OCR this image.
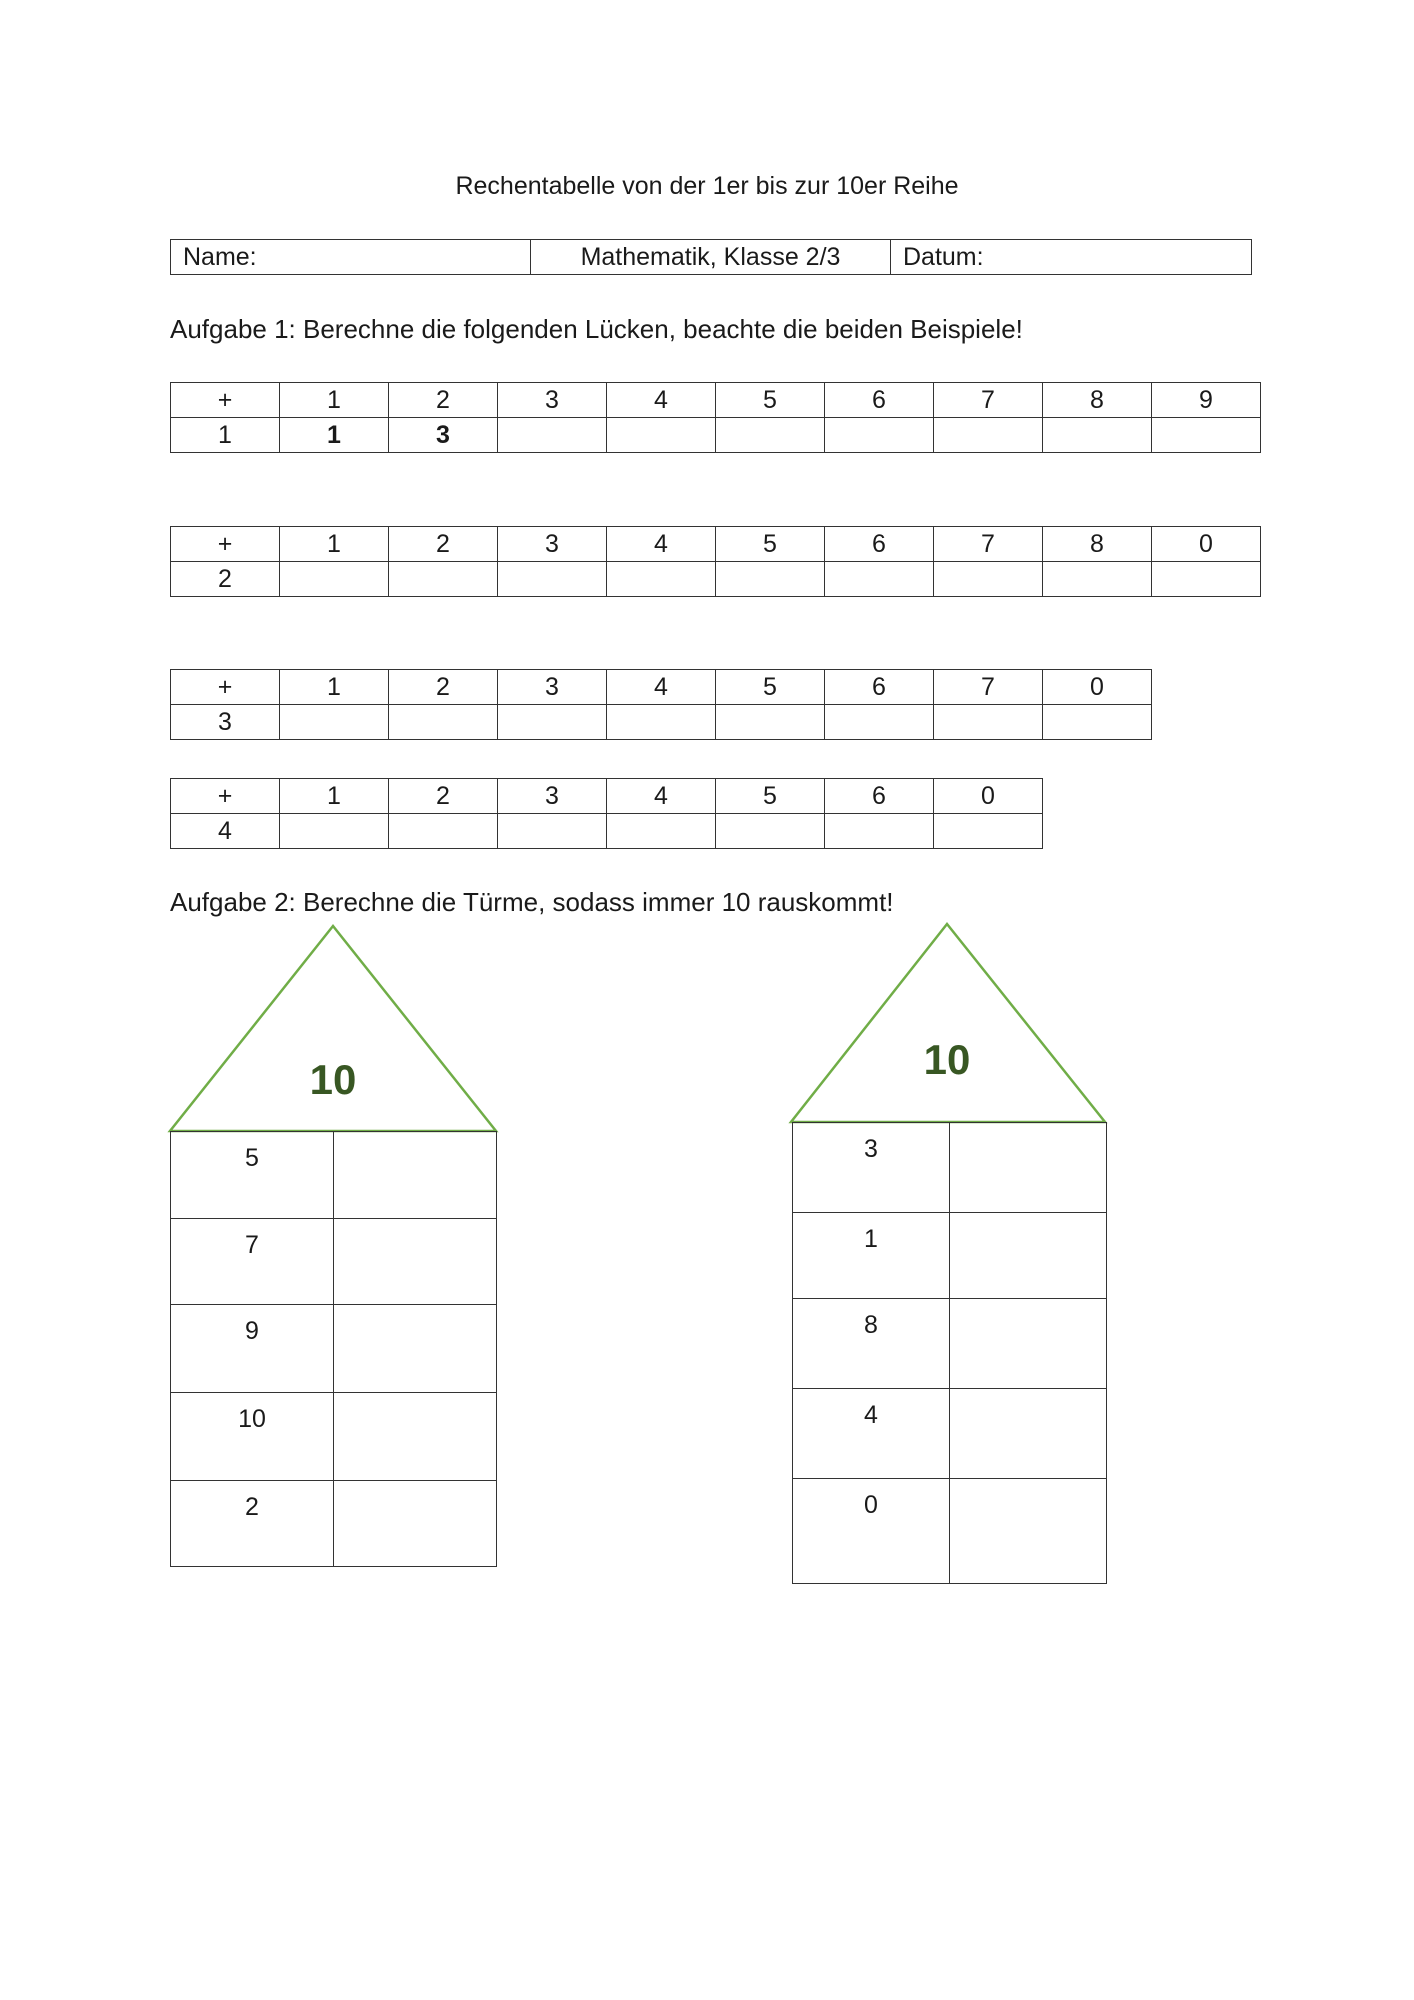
Rechentabelle von der 1er bis zur 10er Reihe
Name:	Mathematik, Klasse 2/3	Datum:
Aufgabe 1: Berechne die folgenden Lücken, beachte die beiden Beispiele!
+	1	2	3	4	5	6	7	8	9
1	1	3							
+	1	2	3	4	5	6	7	8	0
2									
+	1	2	3	4	5	6	7	0
3								
+	1	2	3	4	5	6	0
4							
Aufgabe 2: Berechne die Türme, sodass immer 10 rauskommt!
10
5	
7	
9	
10	
2	
10
3	
1	
8	
4	
0	
